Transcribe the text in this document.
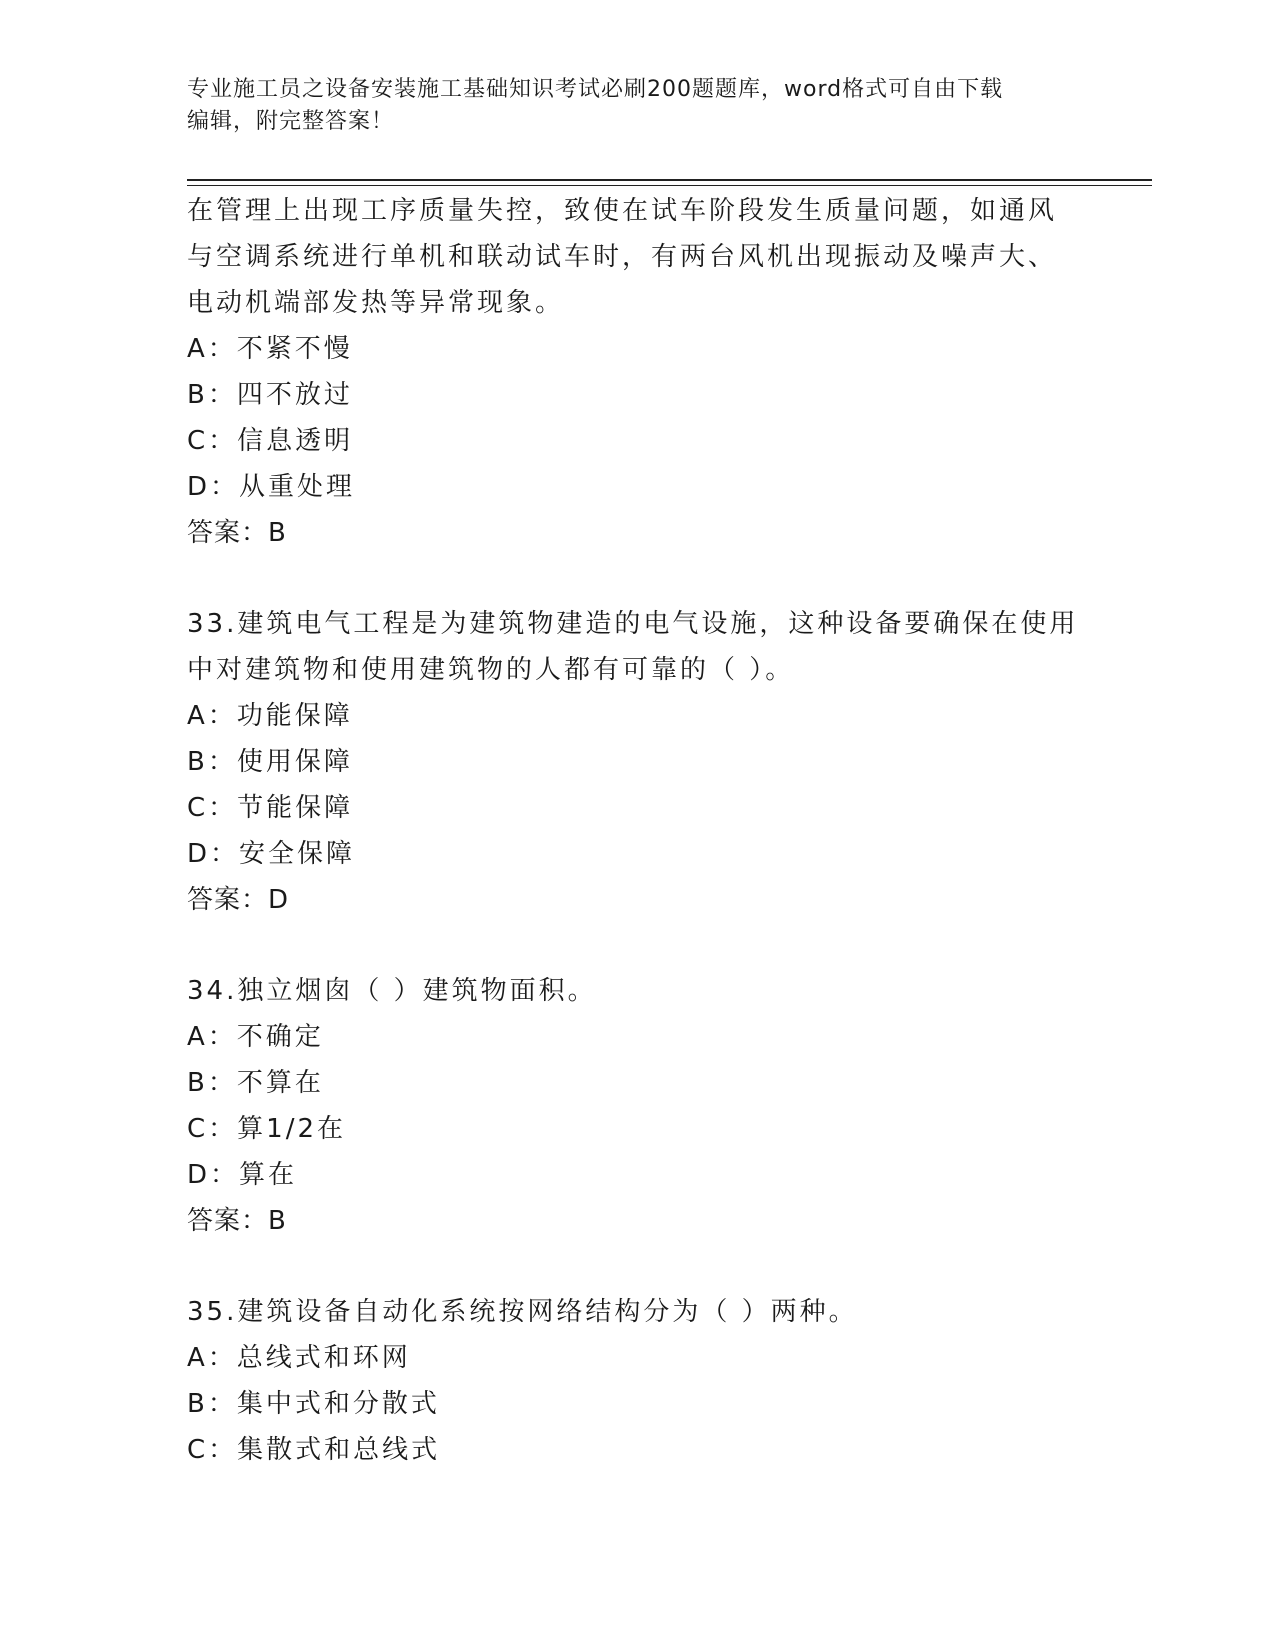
专业施工员之设备安装施工基础知识考试必刷200题题库，word格式可自由下载
编辑，附完整答案！
在管理上出现工序质量失控，致使在试车阶段发生质量问题，如通风
与空调系统进行单机和联动试车时，有两台风机出现振动及噪声大、
电动机端部发热等异常现象。
A：不紧不慢
B：四不放过
C：信息透明
D：从重处理
答案：B
33.建筑电气工程是为建筑物建造的电气设施，这种设备要确保在使用
中对建筑物和使用建筑物的人都有可靠的（ ）。
A：功能保障
B：使用保障
C：节能保障
D：安全保障
答案：D
34.独立烟囱（ ）建筑物面积。
A：不确定
B：不算在
C：算1/2在
D：算在
答案：B
35.建筑设备自动化系统按网络结构分为（ ）两种。
A：总线式和环网
B：集中式和分散式
C：集散式和总线式
